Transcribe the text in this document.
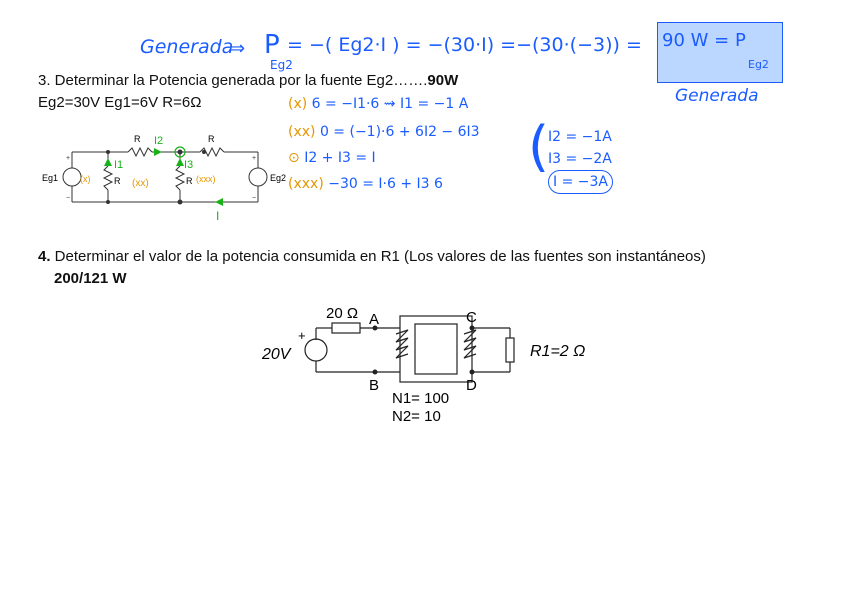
Generada
⇒ P
Eg2
= −( Eg2·I ) = −(30·I) =−(30·(−3)) = 90 W = P
Eg2
Generada
3. Determinar la Potencia generada por la fuente Eg2…….90W
Eg2=30V Eg1=6V R=6Ω
R	R
R	R
Eg1	Eg2
+
−
+
−
I2
I1	I3
I
(x)	(xx)	(xxx)
(x) 6 = −I1·6 ⇝ I1 = −1 A
(xx) 0 = (−1)·6 + 6I2 − 6I3
⊙ I2 + I3 = I
(xxx) −30 = I·6 + I3 6
(
I2 = −1A
I3 = −2A
I = −3A
4. Determinar el valor de la potencia consumida en R1 (Los valores de las fuentes son instantáneos)
200/121 W
20 Ω A
B
C
D
+
20V	R1=2 Ω
N1= 100
N2= 10
